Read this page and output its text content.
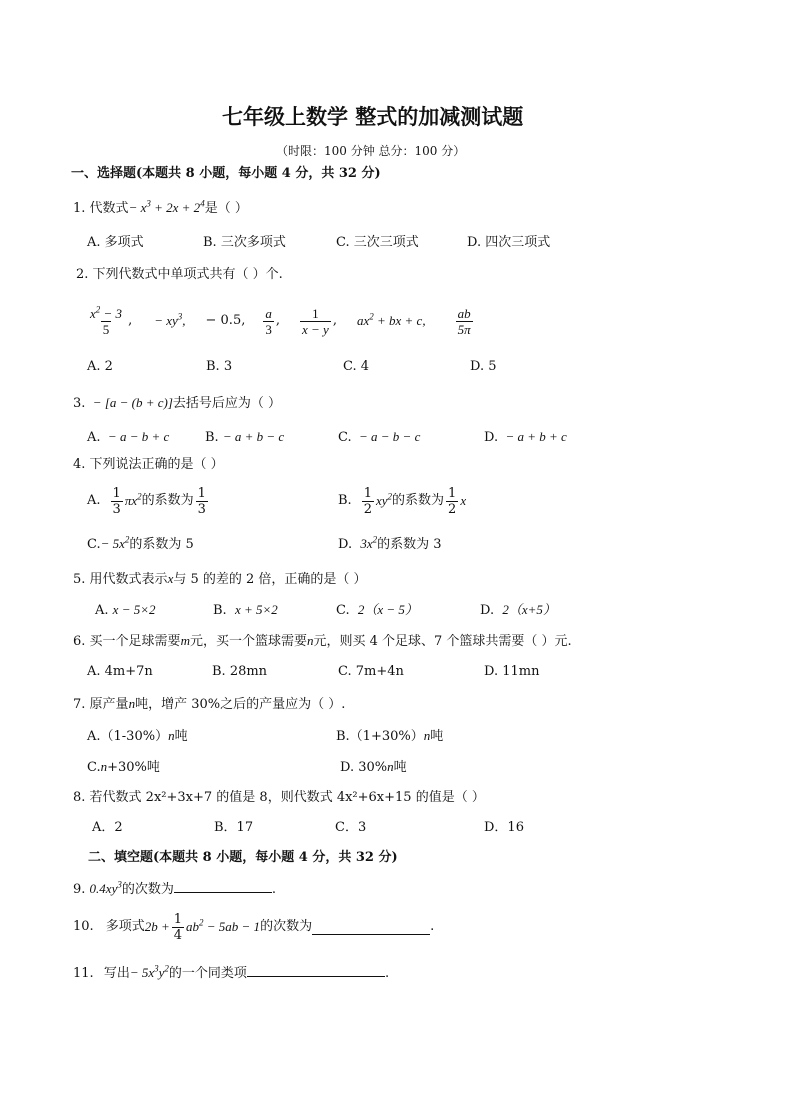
七年级上数学 整式的加减测试题
（时限：100 分钟 总分：100 分）
一、选择题(本题共 8 小题，每小题 4 分，共 32 分)
1. 代数式− $x^3 + 2x + 2^4$是（ ）
A. 多项式	B. 三次多项式	C. 三次三项式	D. 四次三项式
2. 下列代数式中单项式共有（ ）个.
$\frac{x^2 - 3}{5}$ , − $xy^3$, − 0.5, $\frac{a}{3}$ , $\frac{1}{x - y}$ , $ax^2$ + bx + c, $\frac{ab}{5\pi}$
A. 2	B. 3	C. 4	D. 5
3.  − [a − (b + c)]去括号后应为（ ）
A.  − a − b + c	B. − a + b − c	C.  − a − b − c	D.  − a + b + c
4. 下列说法正确的是（ ）
A. $\frac{1}{3} \pi x^2$ 的系数为 $\frac{1}{3}$	B. $\frac{1}{2} xy^2$ 的系数为 $\frac{1}{2}$ x
$C.- 5x^2$的系数为 5	D. $3x^2$的系数为 3
5. 用代数式表示x与 5 的差的 2 倍，正确的是（ ）
A. x − 5×2	B. x + 5×2	C. 2（x − 5）	D. 2（x+5）
6. 买一个足球需要m元，买一个篮球需要n元，则买 4 个足球、7 个篮球共需要（ ）元.
A. 4m+7n	B. 28mn	C. 7m+4n	D. 11mn
7. 原产量n吨，增产 30%之后的产量应为（ ）.
A.（1-30%）n吨	B.（1+30%）n吨
C.n+30%吨	D. 30%n吨
8. 若代数式 2x²+3x+7 的值是 8，则代数式 4x²+6x+15 的值是（ ）
A．2	B．17	C．3	D．16
二、填空题(本题共 8 小题，每小题 4 分，共 32 分)
9. $0.4xy^3$的次数为	.
10. 多项式 $2b + \frac{1}{4} ab^2 - 5ab - 1$ 的次数为	.
11. 写出− $5x^3y^2$的一个同类项	.
